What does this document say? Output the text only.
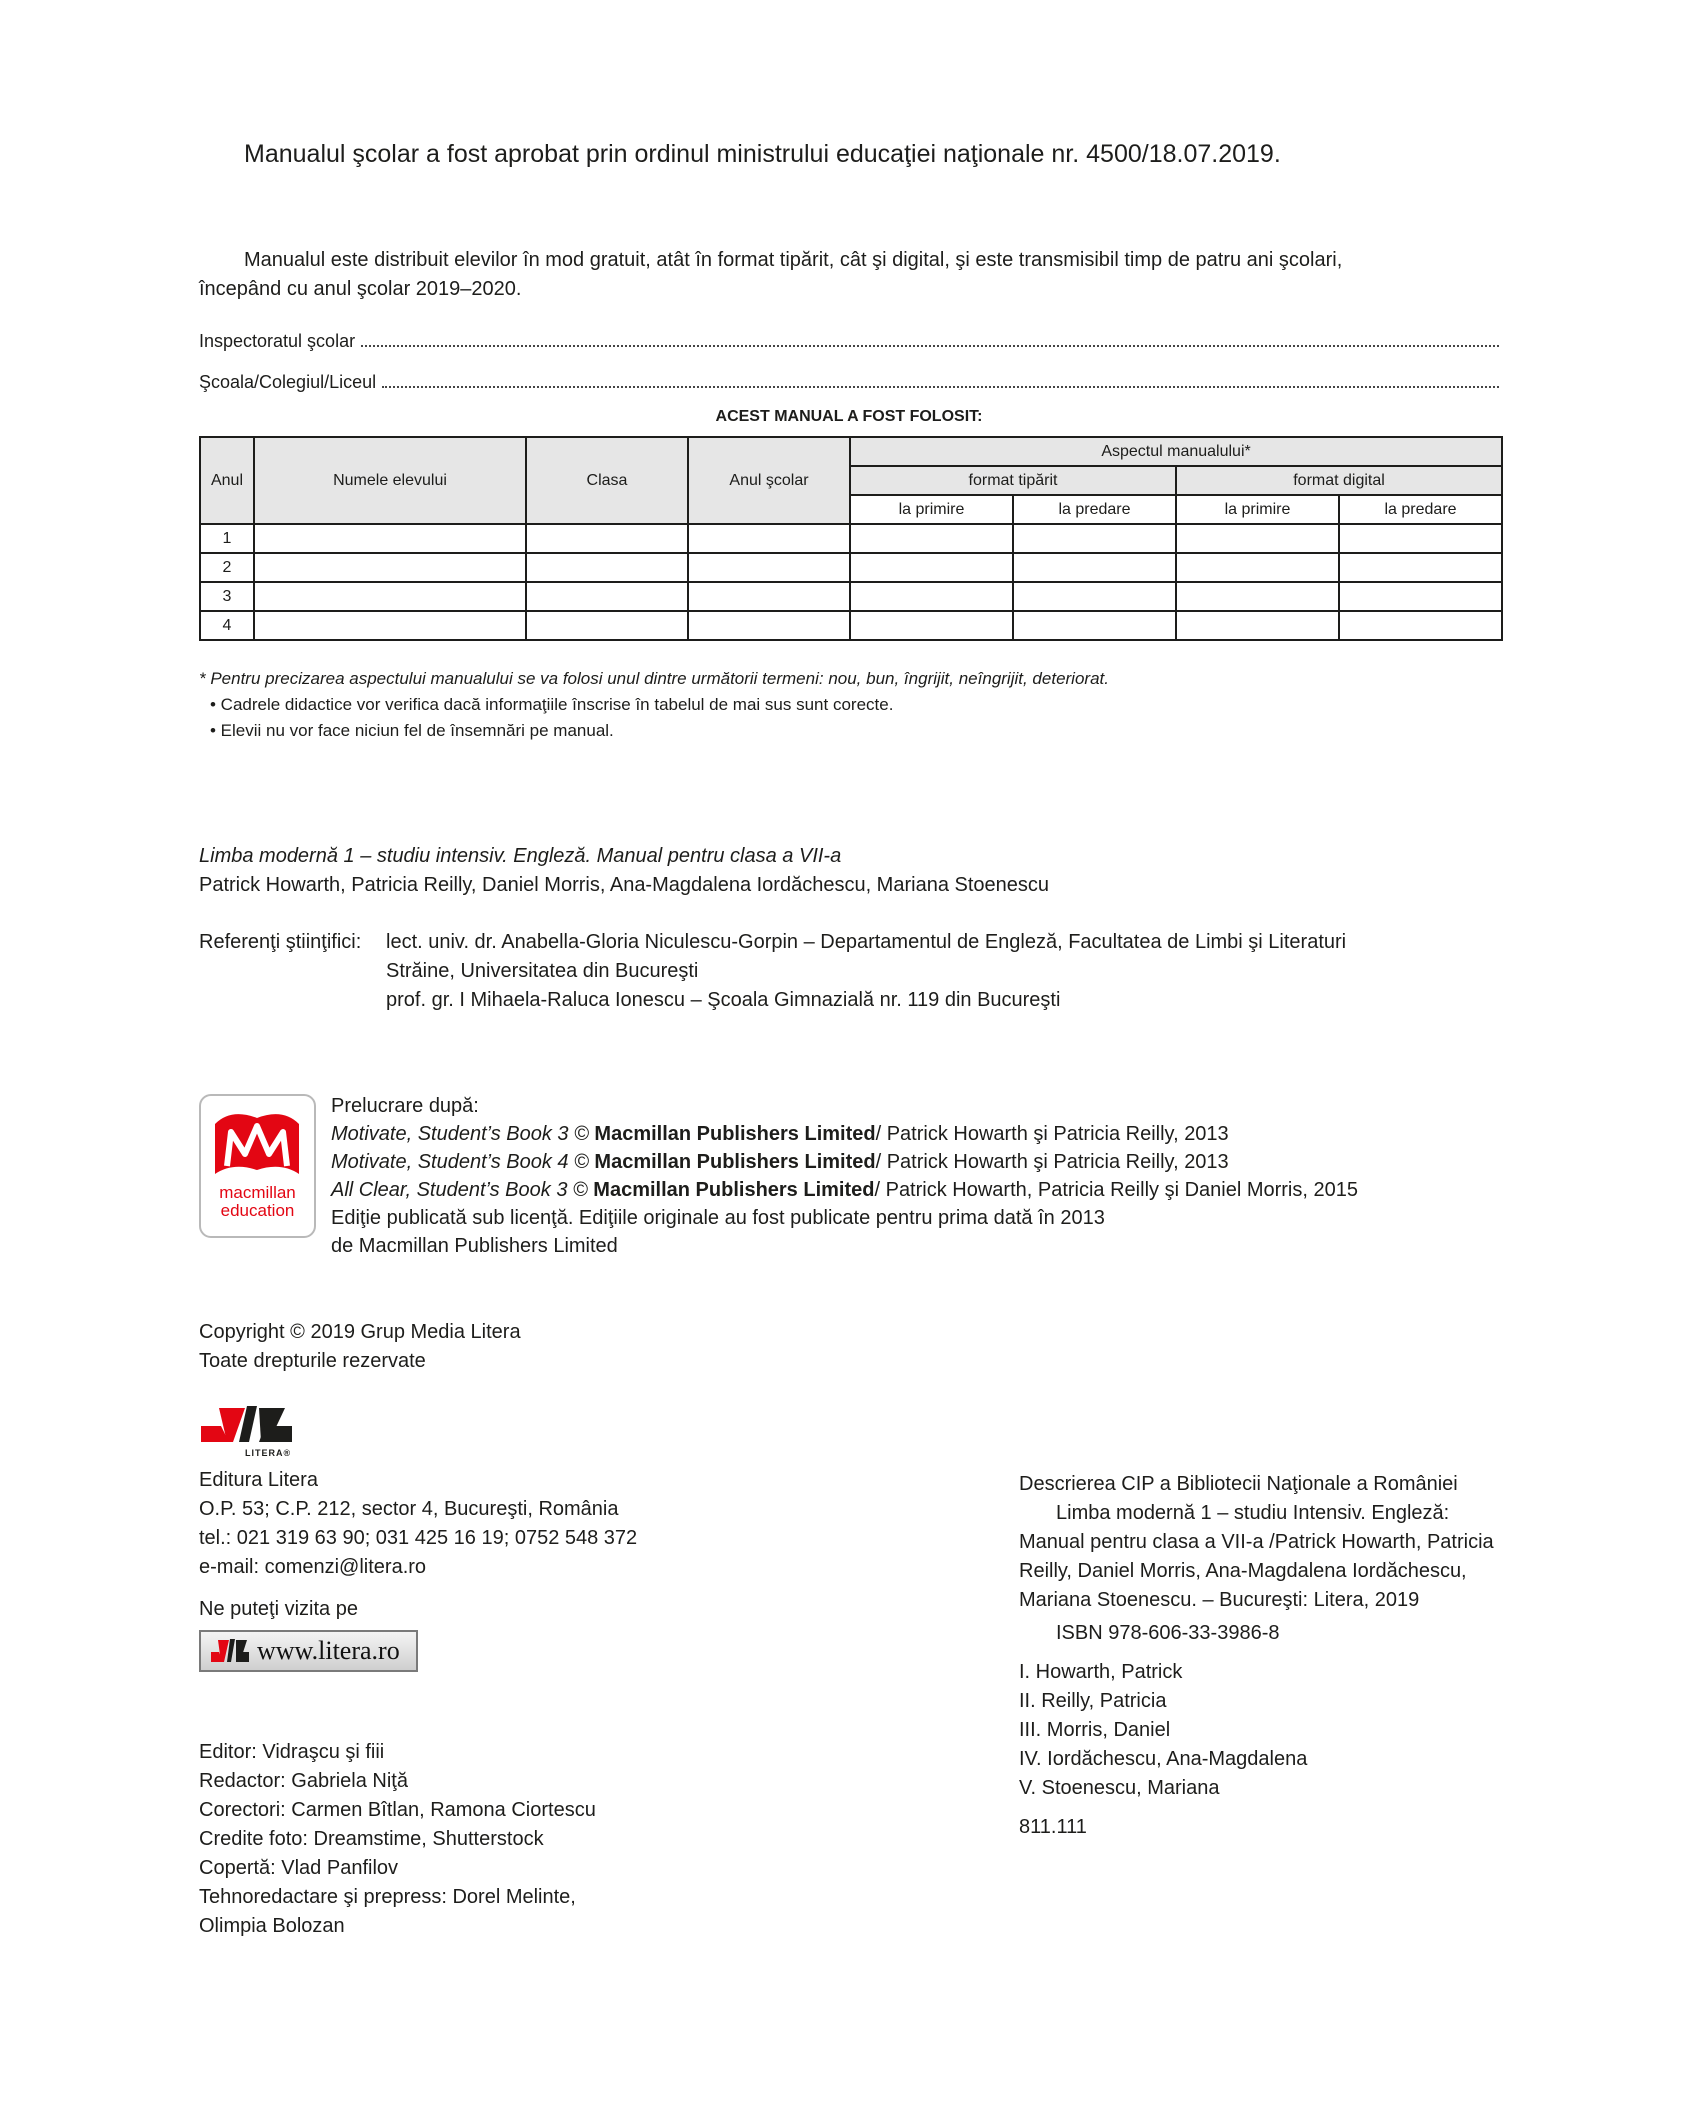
Manualul şcolar a fost aprobat prin ordinul ministrului educaţiei naţionale nr. 4500/18.07.2019.
Manualul este distribuit elevilor în mod gratuit, atât în format tipărit, cât şi digital, şi este transmisibil timp de patru ani şcolari,
începând cu anul şcolar 2019–2020.
Inspectoratul şcolar
Şcoala/Colegiul/Liceul
ACEST MANUAL A FOST FOLOSIT:
Anul	Numele elevului	Clasa	Anul şcolar	Aspectul manualului*			
				format tipărit		format digital	
				la primire	la predare	la primire	la predare
1							
2							
3							
4							
* Pentru precizarea aspectului manualului se va folosi unul dintre următorii termeni: nou, bun, îngrijit, neîngrijit, deteriorat.
• Cadrele didactice vor verifica dacă informaţiile înscrise în tabelul de mai sus sunt corecte.
• Elevii nu vor face niciun fel de însemnări pe manual.
Limba modernă 1 – studiu intensiv. Engleză. Manual pentru clasa a VII-a
Patrick Howarth, Patricia Reilly, Daniel Morris, Ana-Magdalena Iordăchescu, Mariana Stoenescu
Referenţi ştiinţifici:	lect. univ. dr. Anabella-Gloria Niculescu-Gorpin – Departamentul de Engleză, Facultatea de Limbi şi Literaturi
Străine, Universitatea din Bucureşti
prof. gr. I Mihaela-Raluca Ionescu – Şcoala Gimnazială nr. 119 din Bucureşti
macmillan
education
Prelucrare după:
Motivate, Student’s Book 3 © Macmillan Publishers Limited/ Patrick Howarth şi Patricia Reilly, 2013
Motivate, Student’s Book 4 © Macmillan Publishers Limited/ Patrick Howarth şi Patricia Reilly, 2013
All Clear, Student’s Book 3 © Macmillan Publishers Limited/ Patrick Howarth, Patricia Reilly şi Daniel Morris, 2015
Ediţie publicată sub licenţă. Ediţiile originale au fost publicate pentru prima dată în 2013
de Macmillan Publishers Limited
Copyright © 2019 Grup Media Litera
Toate drepturile rezervate
LITERA®
Editura Litera
O.P. 53; C.P. 212, sector 4, Bucureşti, România
tel.: 021 319 63 90; 031 425 16 19; 0752 548 372
e-mail: comenzi@litera.ro
Ne puteţi vizita pe
www.litera.ro
Editor: Vidraşcu şi fiii
Redactor: Gabriela Niţă
Corectori: Carmen Bîtlan, Ramona Ciortescu
Credite foto: Dreamstime, Shutterstock
Copertă: Vlad Panfilov
Tehnoredactare şi prepress: Dorel Melinte,
Olimpia Bolozan
Descrierea CIP a Bibliotecii Naţionale a României
Limba modernă 1 – studiu Intensiv. Engleză:
Manual pentru clasa a VII-a /Patrick Howarth, Patricia
Reilly, Daniel Morris, Ana-Magdalena Iordăchescu,
Mariana Stoenescu. – Bucureşti: Litera, 2019
ISBN 978-606-33-3986-8
I. Howarth, Patrick
II. Reilly, Patricia
III. Morris, Daniel
IV. Iordăchescu, Ana-Magdalena
V. Stoenescu, Mariana
811.111
